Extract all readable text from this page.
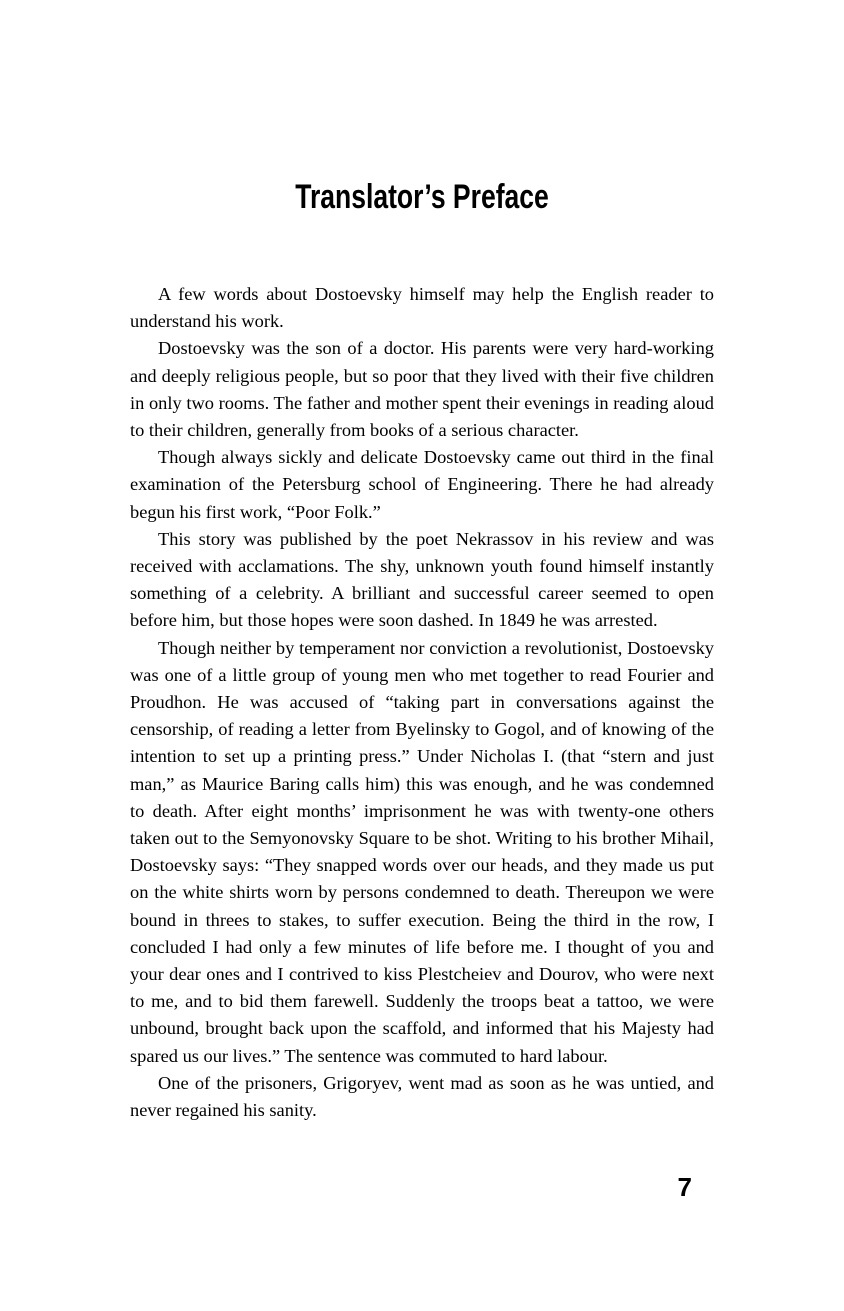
Translator’s Preface

A few words about Dostoevsky himself may help the English reader to understand his work.

Dostoevsky was the son of a doctor. His parents were very hard-working and deeply religious people, but so poor that they lived with their five children in only two rooms. The father and mother spent their evenings in reading aloud to their children, generally from books of a serious character.

Though always sickly and delicate Dostoevsky came out third in the final examination of the Petersburg school of Engineering. There he had already begun his first work, “Poor Folk.”

This story was published by the poet Nekrassov in his review and was received with acclamations. The shy, unknown youth found himself instantly something of a celebrity. A brilliant and successful career seemed to open before him, but those hopes were soon dashed. In 1849 he was arrested.

Though neither by temperament nor conviction a revolutionist, Dostoevsky was one of a little group of young men who met together to read Fourier and Proudhon. He was accused of “taking part in conversations against the censorship, of reading a letter from Byelinsky to Gogol, and of knowing of the intention to set up a printing press.” Under Nicholas I. (that “stern and just man,” as Maurice Baring calls him) this was enough, and he was condemned to death. After eight months’ imprisonment he was with twenty-one others taken out to the Semyonovsky Square to be shot. Writing to his brother Mihail, Dostoevsky says: “They snapped words over our heads, and they made us put on the white shirts worn by persons condemned to death. Thereupon we were bound in threes to stakes, to suffer execution. Being the third in the row, I concluded I had only a few minutes of life before me. I thought of you and your dear ones and I contrived to kiss Plestcheiev and Dourov, who were next to me, and to bid them farewell. Suddenly the troops beat a tattoo, we were unbound, brought back upon the scaffold, and informed that his Majesty had spared us our lives.” The sentence was commuted to hard labour.

One of the prisoners, Grigoryev, went mad as soon as he was untied, and never regained his sanity.

7
